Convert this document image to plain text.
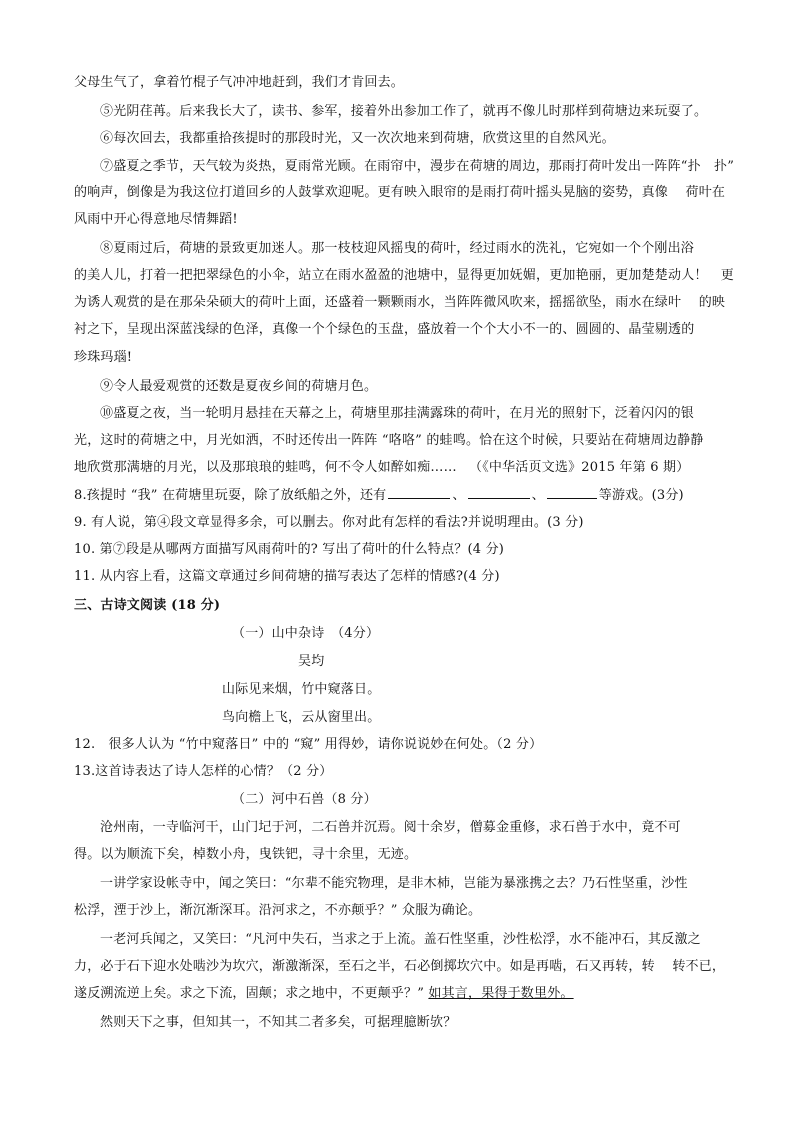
父母生气了，拿着竹棍子气冲冲地赶到，我们才肯回去。
⑤光阴荏苒。后来我长大了，读书、参军，接着外出参加工作了，就再不像儿时那样到荷塘边来玩耍了。
⑥每次回去，我都重拾孩提时的那段时光，又一次次地来到荷塘，欣赏这里的自然风光。
⑦盛夏之季节，天气较为炎热，夏雨常光顾。在雨帘中，漫步在荷塘的周边，那雨打荷叶发出一阵阵“扑　扑”
的响声，倒像是为我这位打道回乡的人鼓掌欢迎呢。更有映入眼帘的是雨打荷叶摇头晃脑的姿势，真像　 荷叶在
风雨中开心得意地尽情舞蹈!
⑧夏雨过后，荷塘的景致更加迷人。那一枝枝迎风摇曳的荷叶，经过雨水的洗礼，它宛如一个个刚出浴
的美人儿，打着一把把翠绿色的小伞，站立在雨水盈盈的池塘中，显得更加妩媚，更加艳丽，更加楚楚动人！　更
为诱人观赏的是在那朵朵硕大的荷叶上面，还盛着一颗颗雨水，当阵阵微风吹来，摇摇欲坠，雨水在绿叶　 的映
衬之下，呈现出深蓝浅绿的色泽，真像一个个绿色的玉盘，盛放着一个个大小不一的、圆圆的、晶莹剔透的
珍珠玛瑙!
⑨令人最爱观赏的还数是夏夜乡间的荷塘月色。
⑩盛夏之夜，当一轮明月悬挂在天幕之上，荷塘里那挂满露珠的荷叶，在月光的照射下，泛着闪闪的银
光，这时的荷塘之中，月光如洒，不时还传出一阵阵 “咯咯” 的蛙鸣。恰在这个时候，只要站在荷塘周边静静
地欣赏那满塘的月光，以及那琅琅的蛙鸣，何不令人如醉如痴…… （《中华活页文选》2015 年第 6 期）
8.孩提时 “我” 在荷塘里玩耍，除了放纸船之外，还有	、	、	等游戏。(3分)
9. 有人说，第④段文章显得多余，可以删去。你对此有怎样的看法?并说明理由。(3 分)
10. 第⑦段是从哪两方面描写风雨荷叶的? 写出了荷叶的什么特点？(4 分)
11. 从内容上看，这篇文章通过乡间荷塘的描写表达了怎样的情感?(4 分)
三、古诗文阅读 (18 分)
（一）山中杂诗　（4分）
吴均
山际见来烟，竹中窥落日。
鸟向檐上飞，云从窗里出。
12.　很多人认为 “竹中窥落日” 中的 “窥” 用得妙，请你说说妙在何处。（2 分）
13.这首诗表达了诗人怎样的心情？（2 分）
（二）河中石兽（8 分）
沧州南，一寺临河干，山门圮于河，二石兽并沉焉。阅十余岁，僧募金重修，求石兽于水中，竟不可
得。以为顺流下矣，棹数小舟，曳铁钯，寻十余里，无迹。
一讲学家设帐寺中，闻之笑曰：“尔辈不能究物理，是非木杮，岂能为暴涨携之去？乃石性坚重，沙性
松浮，湮于沙上，渐沉渐深耳。沿河求之，不亦颠乎？” 众服为确论。
一老河兵闻之，又笑曰：“凡河中失石，当求之于上流。盖石性坚重，沙性松浮，水不能冲石，其反激之
力，必于石下迎水处啮沙为坎穴，渐激渐深，至石之半，石必倒掷坎穴中。如是再啮，石又再转，转　 转不已，
遂反溯流逆上矣。求之下流，固颠；求之地中，不更颠乎？” 如其言，果得于数里外。
然则天下之事，但知其一，不知其二者多矣，可据理臆断欤？
